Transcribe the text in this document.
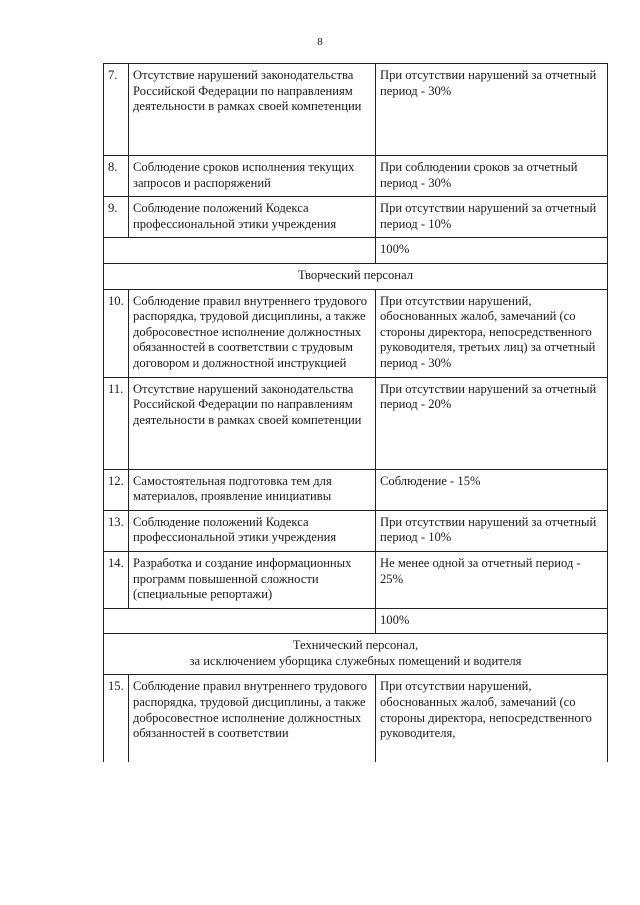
8
7.	Отсутствие нарушений законодательства Российской Федерации по направлениям деятельности в рамках своей компетенции	При отсутствии нарушений за отчетный период - 30%
8.	Соблюдение сроков исполнения текущих запросов и распоряжений	При соблюдении сроков за отчетный период - 30%
9.	Соблюдение положений Кодекса профессиональной этики учреждения	При отсутствии нарушений за отчетный период - 10%
		100%
Творческий персонал		
10.	Соблюдение правил внутреннего трудового распорядка, трудовой дисциплины, а также добросовестное исполнение должностных обязанностей в соответствии с трудовым договором и должностной инструкцией	При отсутствии нарушений, обоснованных жалоб, замечаний (со стороны директора, непосредственного руководителя, третьих лиц) за отчетный период - 30%
11.	Отсутствие нарушений законодательства Российской Федерации по направлениям деятельности в рамках своей компетенции	При отсутствии нарушений за отчетный период - 20%
12.	Самостоятельная подготовка тем для материалов, проявление инициативы	Соблюдение - 15%
13.	Соблюдение положений Кодекса профессиональной этики учреждения	При отсутствии нарушений за отчетный период - 10%
14.	Разработка и создание информационных программ повышенной сложности (специальные репортажи)	Не менее одной за отчетный период - 25%
		100%

Технический персонал,
за исключением уборщика служебных помещений и водителя		

15.	Соблюдение правил внутреннего трудового распорядка, трудовой дисциплины, а также добросовестное исполнение должностных обязанностей в соответствии	При отсутствии нарушений, обоснованных жалоб, замечаний (со стороны директора, непосредственного руководителя,
